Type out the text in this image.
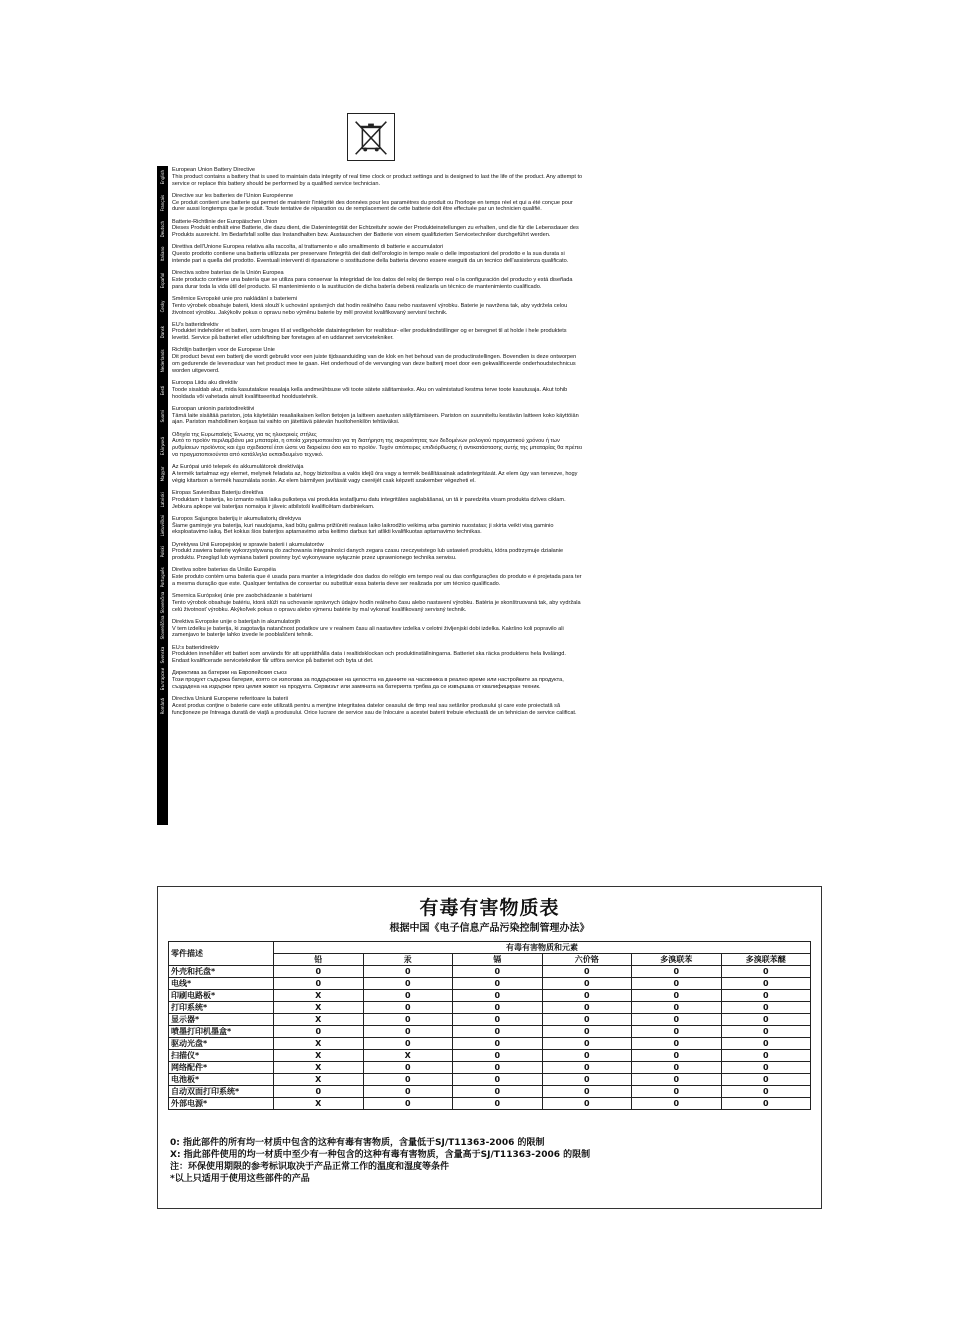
English
Français
Deutsch
Italiano
Español
Česky
Dansk
Nederlands
Eesti
Suomi
Ελληνικά
Magyar
Latviski
Lietuviškai
Polski
Português
Slovenčina
Slovenščina
Svenska
Български
Română
European Union Battery Directive

This product contains a battery that is used to maintain data integrity of real time clock or product settings and is designed to last the life of the product. Any attempt to service or replace this battery should be performed by a qualified service technician.

Directive sur les batteries de l'Union Européenne

Ce produit contient une batterie qui permet de maintenir l'intégrité des données pour les paramètres du produit ou l'horloge en temps réel et qui a été conçue pour durer aussi longtemps que le produit. Toute tentative de réparation ou de remplacement de cette batterie doit être effectuée par un technicien qualifié.

Batterie-Richtlinie der Europäischen Union

Dieses Produkt enthält eine Batterie, die dazu dient, die Datenintegrität der Echtzeituhr sowie der Produkteinstellungen zu erhalten, und die für die Lebensdauer des Produkts ausreicht. Im Bedarfsfall sollte das Instandhalten bzw. Austauschen der Batterie von einem qualifizierten Servicetechniker durchgeführt werden.

Direttiva dell'Unione Europea relativa alla raccolta, al trattamento e allo smaltimento di batterie e accumulatori

Questo prodotto contiene una batteria utilizzata per preservare l'integrità dei dati dell'orologio in tempo reale o delle impostazioni del prodotto e la sua durata si intende pari a quella del prodotto. Eventuali interventi di riparazione o sostituzione della batteria devono essere eseguiti da un tecnico dell'assistenza qualificato.

Directiva sobre baterías de la Unión Europea

Este producto contiene una batería que se utiliza para conservar la integridad de los datos del reloj de tiempo real o la configuración del producto y está diseñada para durar toda la vida útil del producto. El mantenimiento o la sustitución de dicha batería deberá realizarla un técnico de mantenimiento cualificado.

Směrnice Evropské unie pro nakládání s bateriemi

Tento výrobek obsahuje baterii, která slouží k uchování správných dat hodin reálného času nebo nastavení výrobku. Baterie je navržena tak, aby vydržela celou životnost výrobku. Jakýkoliv pokus o opravu nebo výměnu baterie by měl provést kvalifikovaný servisní technik.

EU's batteridirektiv

Produktet indeholder et batteri, som bruges til at vedligeholde dataintegriteten for realtidsur- eller produktindstillinger og er beregnet til at holde i hele produktets levetid. Service på batteriet eller udskiftning bør foretages af en uddannet servicetekniker.

Richtlijn batterijen voor de Europese Unie

Dit product bevat een batterij die wordt gebruikt voor een juiste tijdsaanduiding van de klok en het behoud van de productinstellingen. Bovendien is deze ontworpen om gedurende de levensduur van het product mee te gaan. Het onderhoud of de vervanging van deze batterij moet door een gekwalificeerde onderhoudstechnicus worden uitgevoerd.

Euroopa Liidu aku direktiiv

Toode sisaldab akut, mida kasutatakse reaalaja kella andmeühtsuse või toote sätete säilitamiseks. Aku on valmistatud kestma terve toote kasutusaja. Akut tohib hooldada või vahetada ainult kvalifitseeritud hooldustehnik.

Euroopan unionin paristodirektiivi

Tämä laite sisältää pariston, jota käytetään reaaliaikaisen kellon tietojen ja laitteen asetusten säilyttämiseen. Pariston on suunniteltu kestävän laitteen koko käyttöiän ajan. Pariston mahdollinen korjaus tai vaihto on jätettävä pätevän huoltohenkilön tehtäväksi.

Οδηγία της Ευρωπαϊκής Ένωσης για τις ηλεκτρικές στήλες

Αυτό το προϊόν περιλαμβάνει μια μπαταρία, η οποία χρησιμοποιείται για τη διατήρηση της ακεραιότητας των δεδομένων ρολογιού πραγματικού χρόνου ή των ρυθμίσεων προϊόντος και έχει σχεδιαστεί έτσι ώστε να διαρκέσει όσο και το προϊόν. Τυχόν απόπειρες επιδιόρθωσης ή αντικατάστασης αυτής της μπαταρίας θα πρέπει να πραγματοποιούνται από κατάλληλα εκπαιδευμένο τεχνικό.

Az Európai unió telepek és akkumulátorok direktívája

A termék tartalmaz egy elemet, melynek feladata az, hogy biztosítsa a valós idejű óra vagy a termék beállításainak adatintegritását. Az elem úgy van tervezve, hogy végig kitartson a termék használata során. Az elem bármilyen javítását vagy cseréjét csak képzett szakember végezheti el.

Eiropas Savienības Bateriju direktīva

Produktam ir baterija, ko izmanto reālā laika pulksteņa vai produkta iestatījumu datu integritātes saglabāšanai, un tā ir paredzēta visam produkta dzīves ciklam. Jebkura apkope vai baterijas nomaiņa ir jāveic atbilstoši kvalificētam darbiniekam.

Europos Sąjungos baterijų ir akumuliatorių direktyva

Šiame gaminyje yra baterija, kuri naudojama, kad būtų galima prižiūrėti realaus laiko laikrodžio veikimą arba gaminio nuostatas; ji skirta veikti visą gaminio eksploatavimo laiką. Bet kokius šios baterijos aptarnavimo arba keitimo darbus turi atlikti kvalifikuotas aptarnavimo technikas.

Dyrektywa Unii Europejskiej w sprawie baterii i akumulatorów

Produkt zawiera baterię wykorzystywaną do zachowania integralności danych zegara czasu rzeczywistego lub ustawień produktu, która podtrzymuje działanie produktu. Przegląd lub wymiana baterii powinny być wykonywane wyłącznie przez uprawnionego technika serwisu.

Diretiva sobre baterias da União Européia

Este produto contém uma bateria que é usada para manter a integridade dos dados do relógio em tempo real ou das configurações do produto e é projetada para ter a mesma duração que este. Qualquer tentativa de consertar ou substituir essa bateria deve ser realizada por um técnico qualificado.

Smernica Európskej únie pre zaobchádzanie s batériami

Tento výrobok obsahuje batériu, ktorá slúži na uchovanie správnych údajov hodín reálneho času alebo nastavení výrobku. Batéria je skonštruovaná tak, aby vydržala celú životnosť výrobku. Akýkoľvek pokus o opravu alebo výmenu batérie by mal vykonať kvalifikovaný servisný technik.

Direktiva Evropske unije o baterijah in akumulatorjih

V tem izdelku je baterija, ki zagotavlja natančnost podatkov ure v realnem času ali nastavitev izdelka v celotni življenjski dobi izdelka. Kakršno koli popravilo ali zamenjavo te baterije lahko izvede le pooblaščeni tehnik.

EU:s batteridirektiv

Produkten innehåller ett batteri som används för att upprätthålla data i realtidsklockan och produktinställningarna. Batteriet ska räcka produktens hela livslängd. Endast kvalificerade servicetekniker får utföra service på batteriet och byta ut det.

Директива за батерии на Европейския съюз

Този продукт съдържа батерия, която се използва за поддържане на целостта на данните на часовника в реално време или настройките за продукта, създадена на издържи през целия живот на продукта. Сервизът или замяната на батерията трябва да се извършва от квалифициран техник.

Directiva Uniunii Europene referitoare la baterii

Acest produs conţine o baterie care este utilizată pentru a menţine integritatea datelor ceasului de timp real sau setărilor produsului şi care este proiectată să funcţioneze pe întreaga durată de viaţă a produsului. Orice lucrare de service sau de înlocuire a acestei baterii trebuie efectuată de un tehnician de service calificat.

有毒有害物质表
根据中国《电子信息产品污染控制管理办法》
零件描述	有毒有害物质和元素					
	铅	汞	镉	六价铬	多溴联苯	多溴联苯醚
外壳和托盘*	0	0	0	0	0	0
电线*	0	0	0	0	0	0
印刷电路板*	X	0	0	0	0	0
打印系统*	X	0	0	0	0	0
显示器*	X	0	0	0	0	0
喷墨打印机墨盒*	0	0	0	0	0	0
驱动光盘*	X	0	0	0	0	0
扫描仪*	X	X	0	0	0	0
网络配件*	X	0	0	0	0	0
电池板*	X	0	0	0	0	0
自动双面打印系统*	0	0	0	0	0	0
外部电源*	X	0	0	0	0	0
0: 指此部件的所有均一材质中包含的这种有毒有害物质，含量低于SJ/T11363-2006 的限制
X: 指此部件使用的均一材质中至少有一种包含的这种有毒有害物质，含量高于SJ/T11363-2006 的限制
注：环保使用期限的参考标识取决于产品正常工作的温度和湿度等条件
*以上只适用于使用这些部件的产品
